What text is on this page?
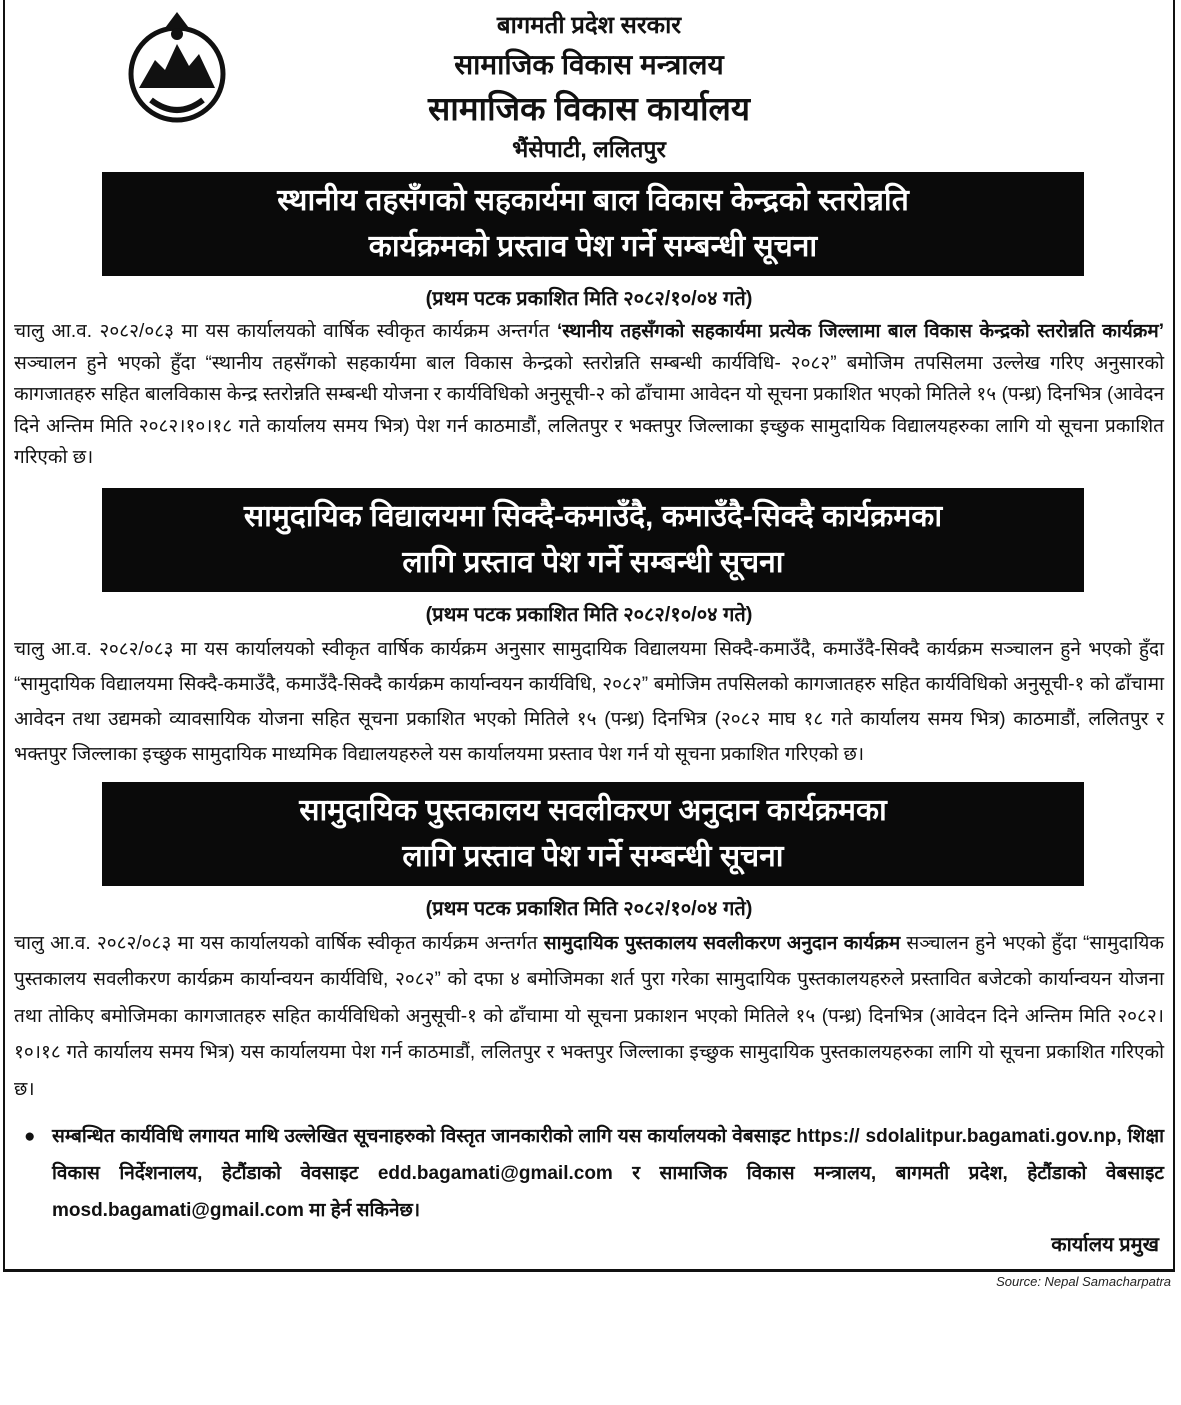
बागमती प्रदेश सरकार
सामाजिक विकास मन्त्रालय
सामाजिक विकास कार्यालय
भैंसेपाटी, ललितपुर
स्थानीय तहसँगको सहकार्यमा बाल विकास केन्द्रको स्तरोन्नति
कार्यक्रमको प्रस्ताव पेश गर्ने सम्बन्धी सूचना
(प्रथम पटक प्रकाशित मिति २०८२/१०/०४ गते)
चालु आ.व. २०८२/०८३ मा यस कार्यालयको वार्षिक स्वीकृत कार्यक्रम अन्तर्गत ‘स्थानीय तहसँगको सहकार्यमा प्रत्येक जिल्लामा बाल विकास केन्द्रको स्तरोन्नति कार्यक्रम’ सञ्चालन हुने भएको हुँदा “स्थानीय तहसँगको सहकार्यमा बाल विकास केन्द्रको स्तरोन्नति सम्बन्धी कार्यविधि- २०८२” बमोजिम तपसिलमा उल्लेख गरिए अनुसारको कागजातहरु सहित बालविकास केन्द्र स्तरोन्नति सम्बन्धी योजना र कार्यविधिको अनुसूची-२ को ढाँचामा आवेदन यो सूचना प्रकाशित भएको मितिले १५ (पन्ध्र) दिनभित्र (आवेदन दिने अन्तिम मिति २०८२।१०।१८ गते कार्यालय समय भित्र) पेश गर्न काठमाडौं, ललितपुर र भक्तपुर जिल्लाका इच्छुक सामुदायिक विद्यालयहरुका लागि यो सूचना प्रकाशित गरिएको छ।
सामुदायिक विद्यालयमा सिक्दै-कमाउँदै, कमाउँदै-सिक्दै कार्यक्रमका
लागि प्रस्ताव पेश गर्ने सम्बन्धी सूचना
(प्रथम पटक प्रकाशित मिति २०८२/१०/०४ गते)
चालु आ.व. २०८२/०८३ मा यस कार्यालयको स्वीकृत वार्षिक कार्यक्रम अनुसार सामुदायिक विद्यालयमा सिक्दै-कमाउँदै, कमाउँदै-सिक्दै कार्यक्रम सञ्चालन हुने भएको हुँदा “सामुदायिक विद्यालयमा सिक्दै-कमाउँदै, कमाउँदै-सिक्दै कार्यक्रम कार्यान्वयन कार्यविधि, २०८२” बमोजिम तपसिलको कागजातहरु सहित कार्यविधिको अनुसूची-१ को ढाँचामा आवेदन तथा उद्यमको व्यावसायिक योजना सहित सूचना प्रकाशित भएको मितिले १५ (पन्ध्र) दिनभित्र (२०८२ माघ १८ गते कार्यालय समय भित्र) काठमाडौं, ललितपुर र भक्तपुर जिल्लाका इच्छुक सामुदायिक माध्यमिक विद्यालयहरुले यस कार्यालयमा प्रस्ताव पेश गर्न यो सूचना प्रकाशित गरिएको छ।
सामुदायिक पुस्तकालय सवलीकरण अनुदान कार्यक्रमका
लागि प्रस्ताव पेश गर्ने सम्बन्धी सूचना
(प्रथम पटक प्रकाशित मिति २०८२/१०/०४ गते)
चालु आ.व. २०८२/०८३ मा यस कार्यालयको वार्षिक स्वीकृत कार्यक्रम अन्तर्गत सामुदायिक पुस्तकालय सवलीकरण अनुदान कार्यक्रम सञ्चालन हुने भएको हुँदा “सामुदायिक पुस्तकालय सवलीकरण कार्यक्रम कार्यान्वयन कार्यविधि, २०८२” को दफा ४ बमोजिमका शर्त पुरा गरेका सामुदायिक पुस्तकालयहरुले प्रस्तावित बजेटको कार्यान्वयन योजना तथा तोकिए बमोजिमका कागजातहरु सहित कार्यविधिको अनुसूची-१ को ढाँचामा यो सूचना प्रकाशन भएको मितिले १५ (पन्ध्र) दिनभित्र (आवेदन दिने अन्तिम मिति २०८२।१०।१८ गते कार्यालय समय भित्र) यस कार्यालयमा पेश गर्न काठमाडौं, ललितपुर र भक्तपुर जिल्लाका इच्छुक सामुदायिक पुस्तकालयहरुका लागि यो सूचना प्रकाशित गरिएको छ।
● सम्बन्धित कार्यविधि लगायत माथि उल्लेखित सूचनाहरुको विस्तृत जानकारीको लागि यस कार्यालयको वेबसाइट https:// sdolalitpur.bagamati.gov.np, शिक्षा विकास निर्देशनालय, हेटौंडाको वेवसाइट edd.bagamati@gmail.com र सामाजिक विकास मन्त्रालय, बागमती प्रदेश, हेटौंडाको वेबसाइट mosd.bagamati@gmail.com मा हेर्न सकिनेछ।
कार्यालय प्रमुख
Source: Nepal Samacharpatra
